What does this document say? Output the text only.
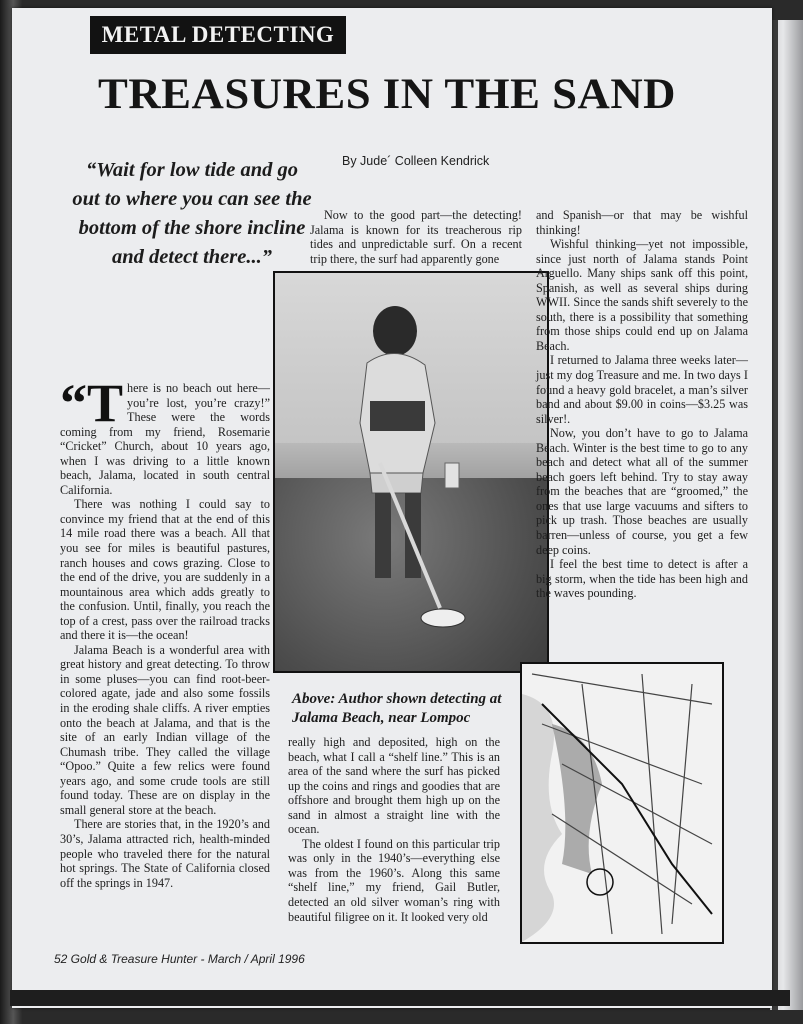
METAL DETECTING
TREASURES IN THE SAND
By Jude´ Colleen Kendrick
“Wait for low tide and go out to where you can see the bottom of the shore incline and detect there...”

“There is no beach out here—you’re lost, you’re crazy!” These were the words coming from my friend, Rosemarie “Cricket” Church, about 10 years ago, when I was driving to a little known beach, Jalama, located in south central California.

There was nothing I could say to convince my friend that at the end of this 14 mile road there was a beach. All that you see for miles is beautiful pastures, ranch houses and cows grazing. Close to the end of the drive, you are suddenly in a mountainous area which adds greatly to the confusion. Until, finally, you reach the top of a crest, pass over the railroad tracks and there it is—the ocean!

Jalama Beach is a wonderful area with great history and great detecting. To throw in some pluses—you can find root-beer-colored agate, jade and also some fossils in the eroding shale cliffs. A river empties onto the beach at Jalama, and that is the site of an early Indian village of the Chumash tribe. They called the village “Opoo.” Quite a few relics were found years ago, and some crude tools are still found today. These are on display in the small general store at the beach.

There are stories that, in the 1920’s and 30’s, Jalama attracted rich, health-minded people who traveled there for the natural hot springs. The State of California closed off the springs in 1947.

Now to the good part—the detecting! Jalama is known for its treacherous rip tides and unpredictable surf. On a recent trip there, the surf had apparently gone

Above: Author shown detecting at Jalama Beach, near Lompoc

really high and deposited, high on the beach, what I call a “shelf line.” This is an area of the sand where the surf has picked up the coins and rings and goodies that are offshore and brought them high up on the sand in almost a straight line with the ocean.

The oldest I found on this particular trip was only in the 1940’s—everything else was from the 1960’s. Along this same “shelf line,” my friend, Gail Butler, detected an old silver woman’s ring with beautiful filigree on it. It looked very old

and Spanish—or that may be wishful thinking!

Wishful thinking—yet not impossible, since just north of Jalama stands Point Arguello. Many ships sank off this point, Spanish, as well as several ships during WWII. Since the sands shift severely to the south, there is a possibility that something from those ships could end up on Jalama Beach.

I returned to Jalama three weeks later—just my dog Treasure and me. In two days I found a heavy gold bracelet, a man’s silver band and about $9.00 in coins—$3.25 was silver!.

Now, you don’t have to go to Jalama Beach. Winter is the best time to go to any beach and detect what all of the summer beach goers left behind. Try to stay away from the beaches that are “groomed,” the ones that use large vacuums and sifters to pick up trash. Those beaches are usually barren—unless of course, you get a few deep coins.

I feel the best time to detect is after a big storm, when the tide has been high and the waves pounding.

52 Gold & Treasure Hunter - March / April 1996
